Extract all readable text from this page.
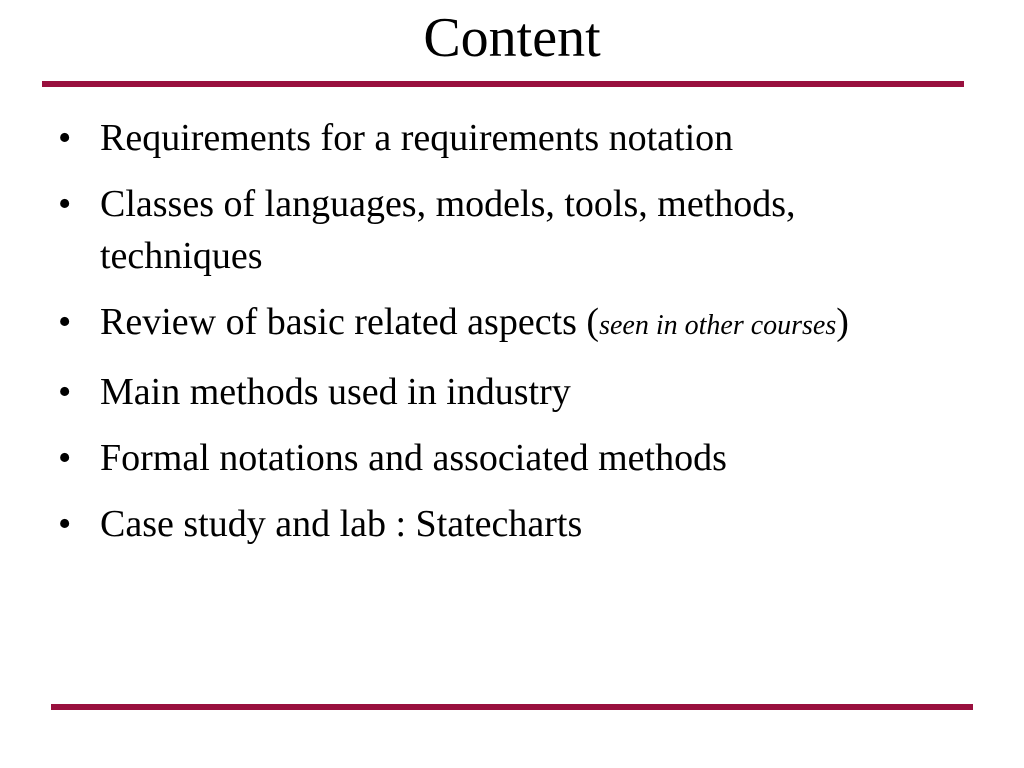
Content
• Requirements for a requirements notation
• Classes of languages, models, tools, methods, techniques
• Review of basic related aspects (seen in other courses)
• Main methods used in industry
• Formal notations and associated methods
• Case study and lab : Statecharts
